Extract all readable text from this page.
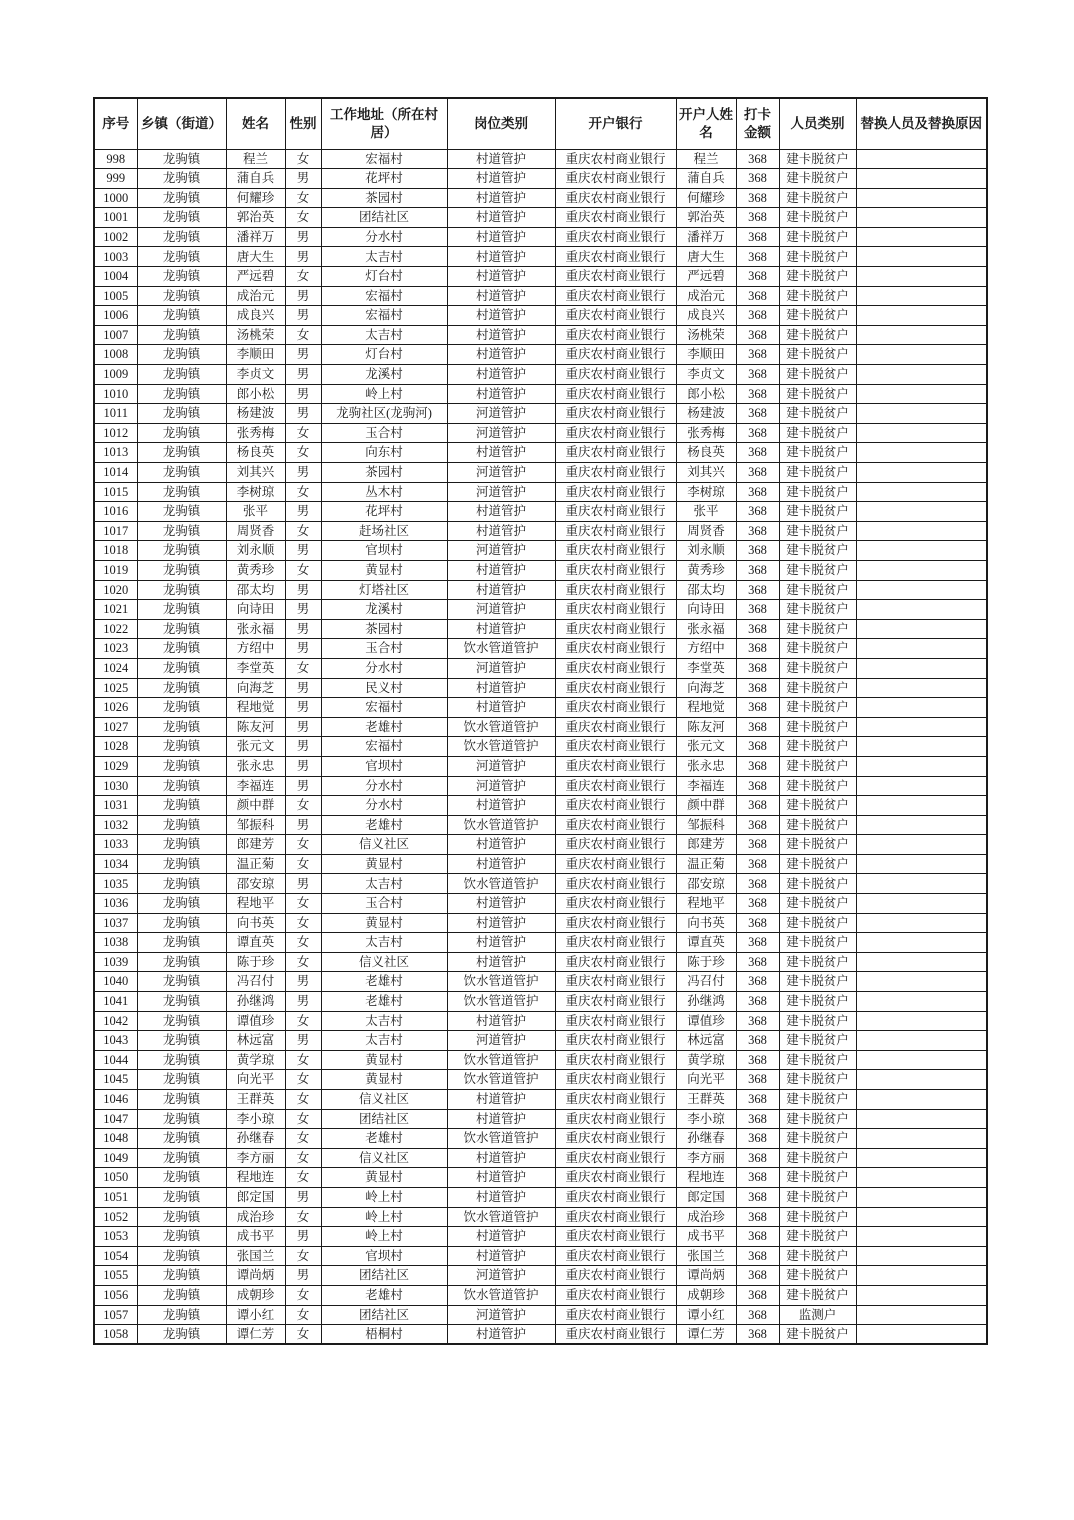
序号	乡镇（街道）	姓名	性别	工作地址（所在村居）	岗位类别	开户银行	开户人姓名	打卡金额	人员类别	替换人员及替换原因
998	龙驹镇	程兰	女	宏福村	村道管护	重庆农村商业银行	程兰	368	建卡脱贫户	
999	龙驹镇	蒲自兵	男	花坪村	村道管护	重庆农村商业银行	蒲自兵	368	建卡脱贫户	
1000	龙驹镇	何耀珍	女	茶园村	村道管护	重庆农村商业银行	何耀珍	368	建卡脱贫户	
1001	龙驹镇	郭治英	女	团结社区	村道管护	重庆农村商业银行	郭治英	368	建卡脱贫户	
1002	龙驹镇	潘祥万	男	分水村	村道管护	重庆农村商业银行	潘祥万	368	建卡脱贫户	
1003	龙驹镇	唐大生	男	太吉村	村道管护	重庆农村商业银行	唐大生	368	建卡脱贫户	
1004	龙驹镇	严远碧	女	灯台村	村道管护	重庆农村商业银行	严远碧	368	建卡脱贫户	
1005	龙驹镇	成治元	男	宏福村	村道管护	重庆农村商业银行	成治元	368	建卡脱贫户	
1006	龙驹镇	成良兴	男	宏福村	村道管护	重庆农村商业银行	成良兴	368	建卡脱贫户	
1007	龙驹镇	汤桃荣	女	太吉村	村道管护	重庆农村商业银行	汤桃荣	368	建卡脱贫户	
1008	龙驹镇	李顺田	男	灯台村	村道管护	重庆农村商业银行	李顺田	368	建卡脱贫户	
1009	龙驹镇	李贞文	男	龙溪村	村道管护	重庆农村商业银行	李贞文	368	建卡脱贫户	
1010	龙驹镇	郎小松	男	岭上村	村道管护	重庆农村商业银行	郎小松	368	建卡脱贫户	
1011	龙驹镇	杨建波	男	龙驹社区(龙驹河)	河道管护	重庆农村商业银行	杨建波	368	建卡脱贫户	
1012	龙驹镇	张秀梅	女	玉合村	河道管护	重庆农村商业银行	张秀梅	368	建卡脱贫户	
1013	龙驹镇	杨良英	女	向东村	村道管护	重庆农村商业银行	杨良英	368	建卡脱贫户	
1014	龙驹镇	刘其兴	男	茶园村	河道管护	重庆农村商业银行	刘其兴	368	建卡脱贫户	
1015	龙驹镇	李树琼	女	丛木村	河道管护	重庆农村商业银行	李树琼	368	建卡脱贫户	
1016	龙驹镇	张平	男	花坪村	村道管护	重庆农村商业银行	张平	368	建卡脱贫户	
1017	龙驹镇	周贤香	女	赶场社区	村道管护	重庆农村商业银行	周贤香	368	建卡脱贫户	
1018	龙驹镇	刘永顺	男	官坝村	河道管护	重庆农村商业银行	刘永顺	368	建卡脱贫户	
1019	龙驹镇	黄秀珍	女	黄显村	村道管护	重庆农村商业银行	黄秀珍	368	建卡脱贫户	
1020	龙驹镇	邵太均	男	灯塔社区	村道管护	重庆农村商业银行	邵太均	368	建卡脱贫户	
1021	龙驹镇	向诗田	男	龙溪村	河道管护	重庆农村商业银行	向诗田	368	建卡脱贫户	
1022	龙驹镇	张永福	男	茶园村	村道管护	重庆农村商业银行	张永福	368	建卡脱贫户	
1023	龙驹镇	方绍中	男	玉合村	饮水管道管护	重庆农村商业银行	方绍中	368	建卡脱贫户	
1024	龙驹镇	李堂英	女	分水村	河道管护	重庆农村商业银行	李堂英	368	建卡脱贫户	
1025	龙驹镇	向海芝	男	民义村	村道管护	重庆农村商业银行	向海芝	368	建卡脱贫户	
1026	龙驹镇	程地觉	男	宏福村	村道管护	重庆农村商业银行	程地觉	368	建卡脱贫户	
1027	龙驹镇	陈友河	男	老雄村	饮水管道管护	重庆农村商业银行	陈友河	368	建卡脱贫户	
1028	龙驹镇	张元文	男	宏福村	饮水管道管护	重庆农村商业银行	张元文	368	建卡脱贫户	
1029	龙驹镇	张永忠	男	官坝村	河道管护	重庆农村商业银行	张永忠	368	建卡脱贫户	
1030	龙驹镇	李福连	男	分水村	河道管护	重庆农村商业银行	李福连	368	建卡脱贫户	
1031	龙驹镇	颜中群	女	分水村	村道管护	重庆农村商业银行	颜中群	368	建卡脱贫户	
1032	龙驹镇	邹振科	男	老雄村	饮水管道管护	重庆农村商业银行	邹振科	368	建卡脱贫户	
1033	龙驹镇	郎建芳	女	信义社区	村道管护	重庆农村商业银行	郎建芳	368	建卡脱贫户	
1034	龙驹镇	温正菊	女	黄显村	村道管护	重庆农村商业银行	温正菊	368	建卡脱贫户	
1035	龙驹镇	邵安琼	男	太吉村	饮水管道管护	重庆农村商业银行	邵安琼	368	建卡脱贫户	
1036	龙驹镇	程地平	女	玉合村	村道管护	重庆农村商业银行	程地平	368	建卡脱贫户	
1037	龙驹镇	向书英	女	黄显村	村道管护	重庆农村商业银行	向书英	368	建卡脱贫户	
1038	龙驹镇	谭直英	女	太吉村	村道管护	重庆农村商业银行	谭直英	368	建卡脱贫户	
1039	龙驹镇	陈于珍	女	信义社区	村道管护	重庆农村商业银行	陈于珍	368	建卡脱贫户	
1040	龙驹镇	冯召付	男	老雄村	饮水管道管护	重庆农村商业银行	冯召付	368	建卡脱贫户	
1041	龙驹镇	孙继鸿	男	老雄村	饮水管道管护	重庆农村商业银行	孙继鸿	368	建卡脱贫户	
1042	龙驹镇	谭值珍	女	太吉村	村道管护	重庆农村商业银行	谭值珍	368	建卡脱贫户	
1043	龙驹镇	林远富	男	太吉村	河道管护	重庆农村商业银行	林远富	368	建卡脱贫户	
1044	龙驹镇	黄学琼	女	黄显村	饮水管道管护	重庆农村商业银行	黄学琼	368	建卡脱贫户	
1045	龙驹镇	向光平	女	黄显村	饮水管道管护	重庆农村商业银行	向光平	368	建卡脱贫户	
1046	龙驹镇	王群英	女	信义社区	村道管护	重庆农村商业银行	王群英	368	建卡脱贫户	
1047	龙驹镇	李小琼	女	团结社区	村道管护	重庆农村商业银行	李小琼	368	建卡脱贫户	
1048	龙驹镇	孙继春	女	老雄村	饮水管道管护	重庆农村商业银行	孙继春	368	建卡脱贫户	
1049	龙驹镇	李方丽	女	信义社区	村道管护	重庆农村商业银行	李方丽	368	建卡脱贫户	
1050	龙驹镇	程地连	女	黄显村	村道管护	重庆农村商业银行	程地连	368	建卡脱贫户	
1051	龙驹镇	郎定国	男	岭上村	村道管护	重庆农村商业银行	郎定国	368	建卡脱贫户	
1052	龙驹镇	成治珍	女	岭上村	饮水管道管护	重庆农村商业银行	成治珍	368	建卡脱贫户	
1053	龙驹镇	成书平	男	岭上村	村道管护	重庆农村商业银行	成书平	368	建卡脱贫户	
1054	龙驹镇	张国兰	女	官坝村	村道管护	重庆农村商业银行	张国兰	368	建卡脱贫户	
1055	龙驹镇	谭尚炳	男	团结社区	河道管护	重庆农村商业银行	谭尚炳	368	建卡脱贫户	
1056	龙驹镇	成朝珍	女	老雄村	饮水管道管护	重庆农村商业银行	成朝珍	368	建卡脱贫户	
1057	龙驹镇	谭小红	女	团结社区	河道管护	重庆农村商业银行	谭小红	368	监测户	
1058	龙驹镇	谭仁芳	女	梧桐村	村道管护	重庆农村商业银行	谭仁芳	368	建卡脱贫户	
